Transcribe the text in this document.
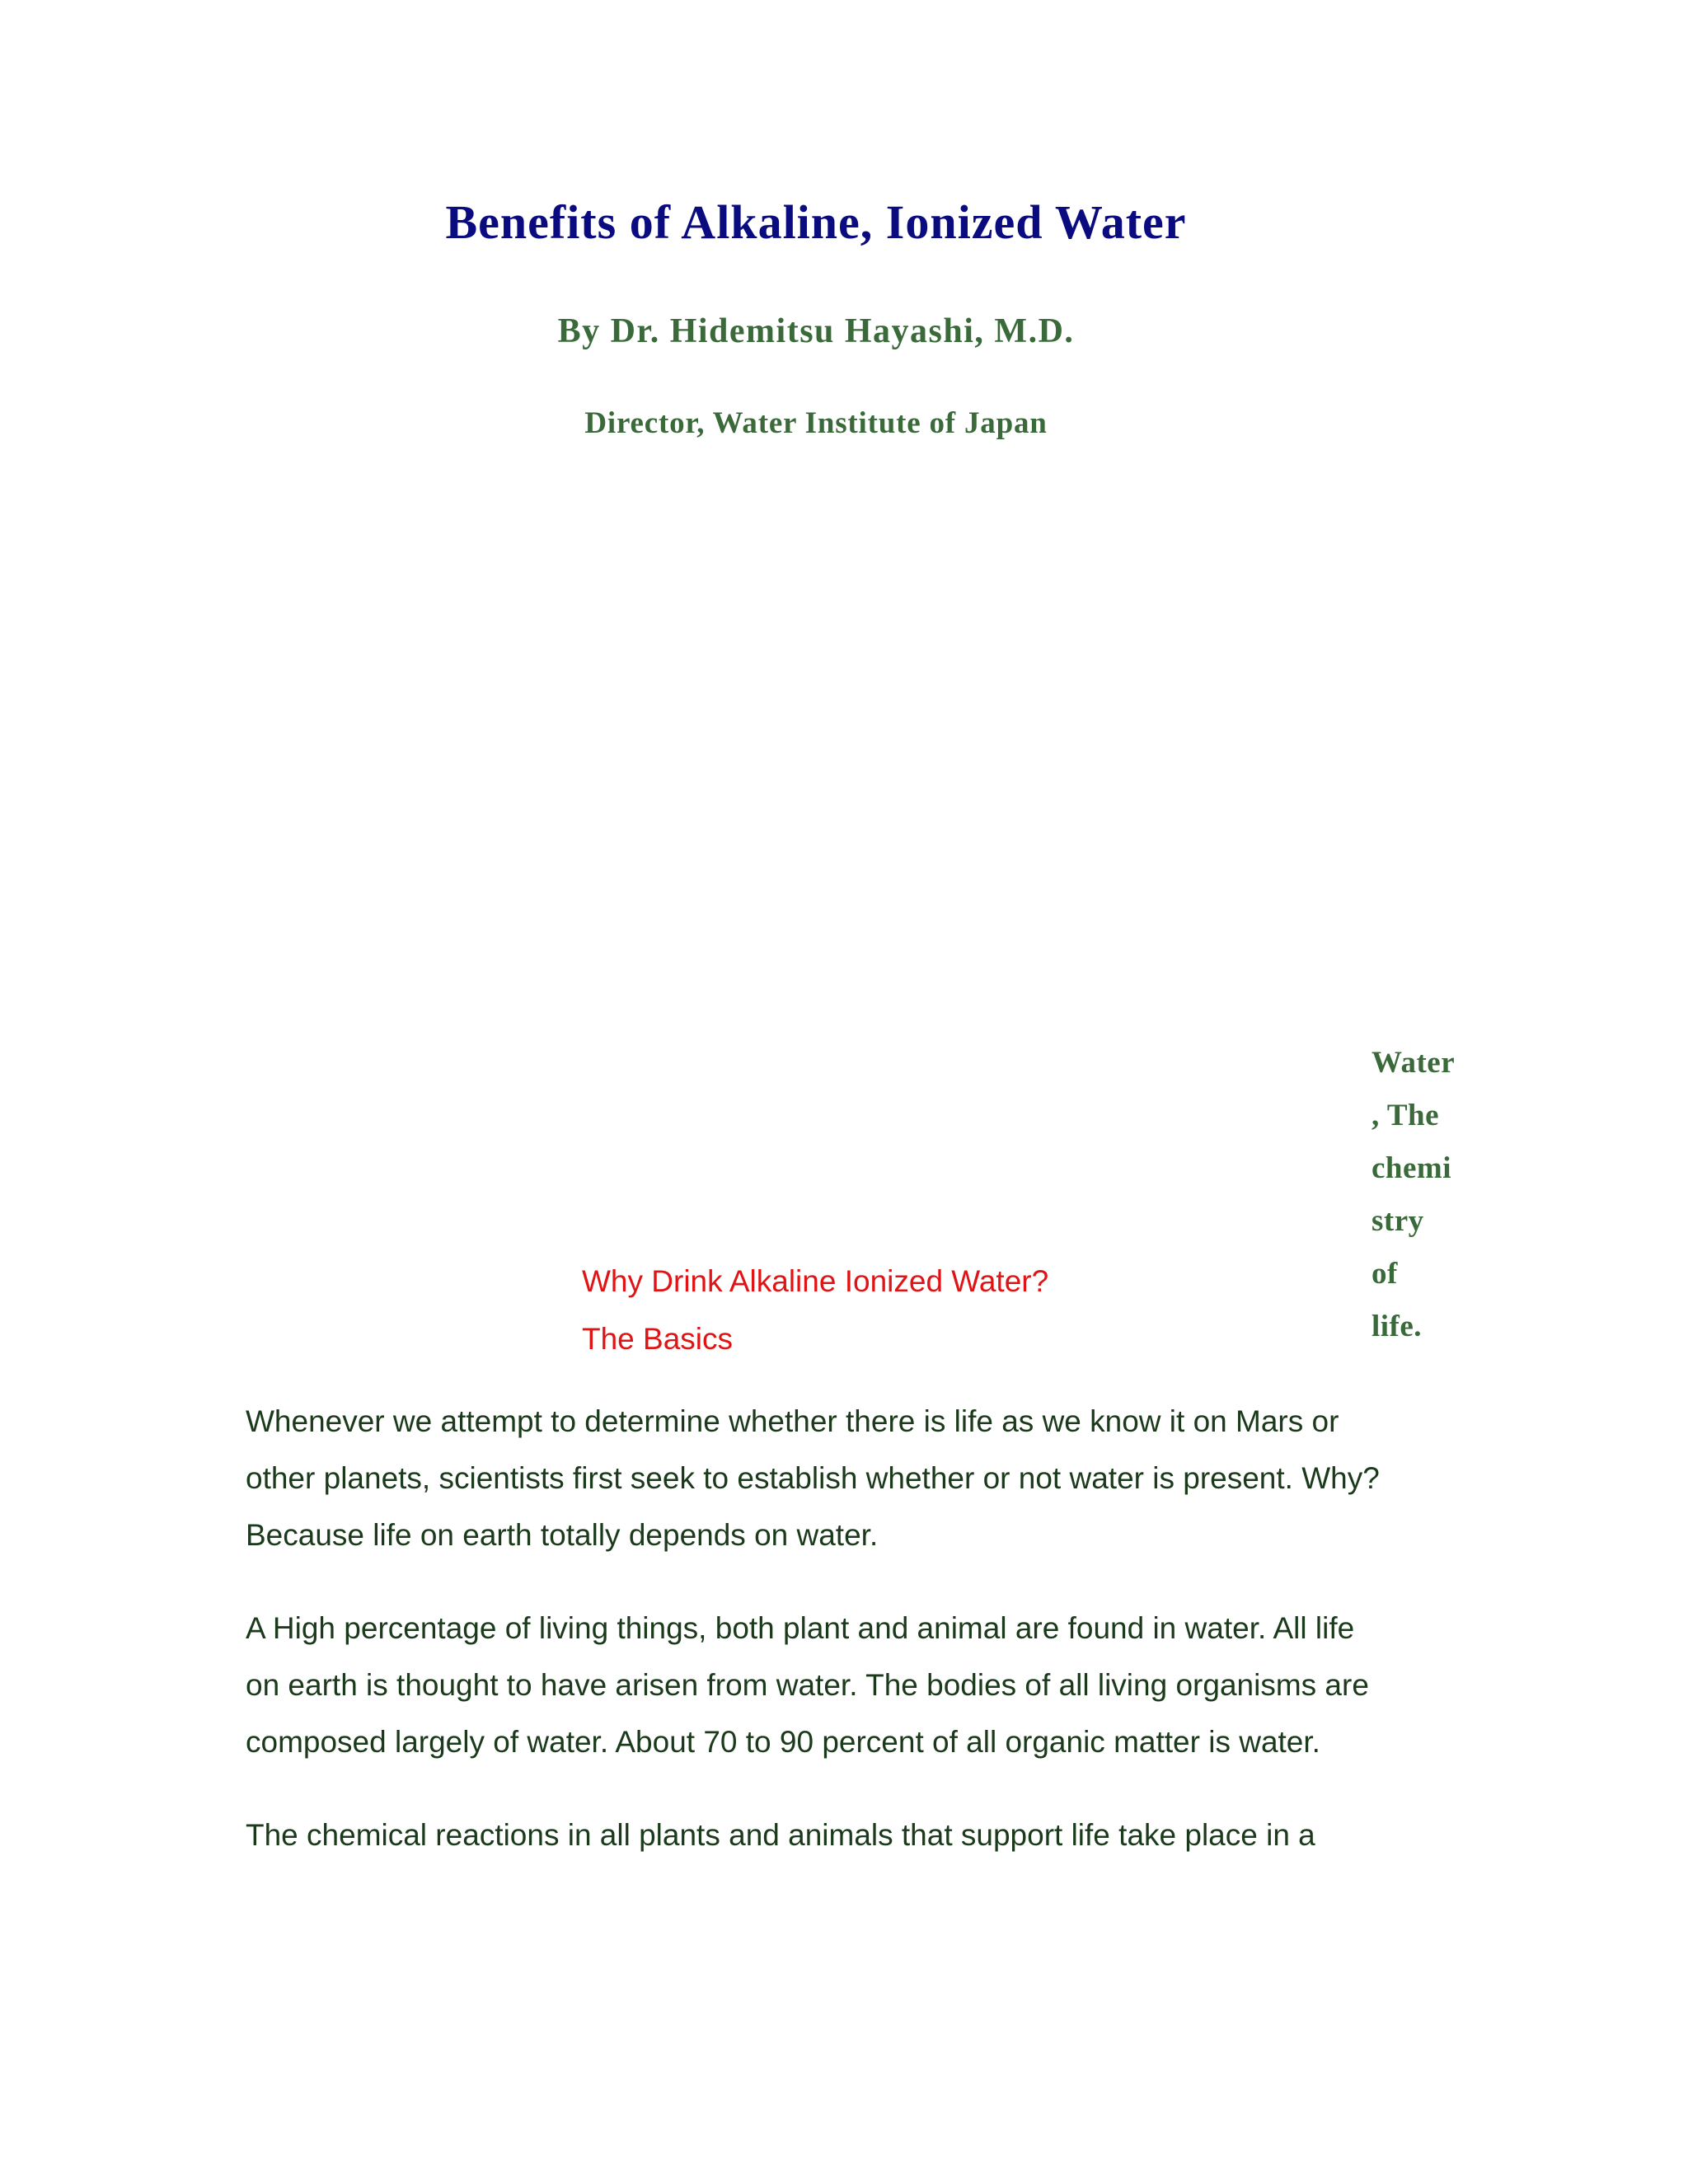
Benefits of Alkaline, Ionized Water
By Dr. Hidemitsu Hayashi, M.D.
Director, Water Institute of Japan
Water
, The
chemi
stry
of
life.
Why Drink Alkaline Ionized Water?
The Basics

Whenever we attempt to determine whether there is life as we know it on Mars or
other planets, scientists first seek to establish whether or not water is present. Why?
Because life on earth totally depends on water.

A High percentage of living things, both plant and animal are found in water. All life
on earth is thought to have arisen from water. The bodies of all living organisms are
composed largely of water. About 70 to 90 percent of all organic matter is water.

The chemical reactions in all plants and animals that support life take place in a
